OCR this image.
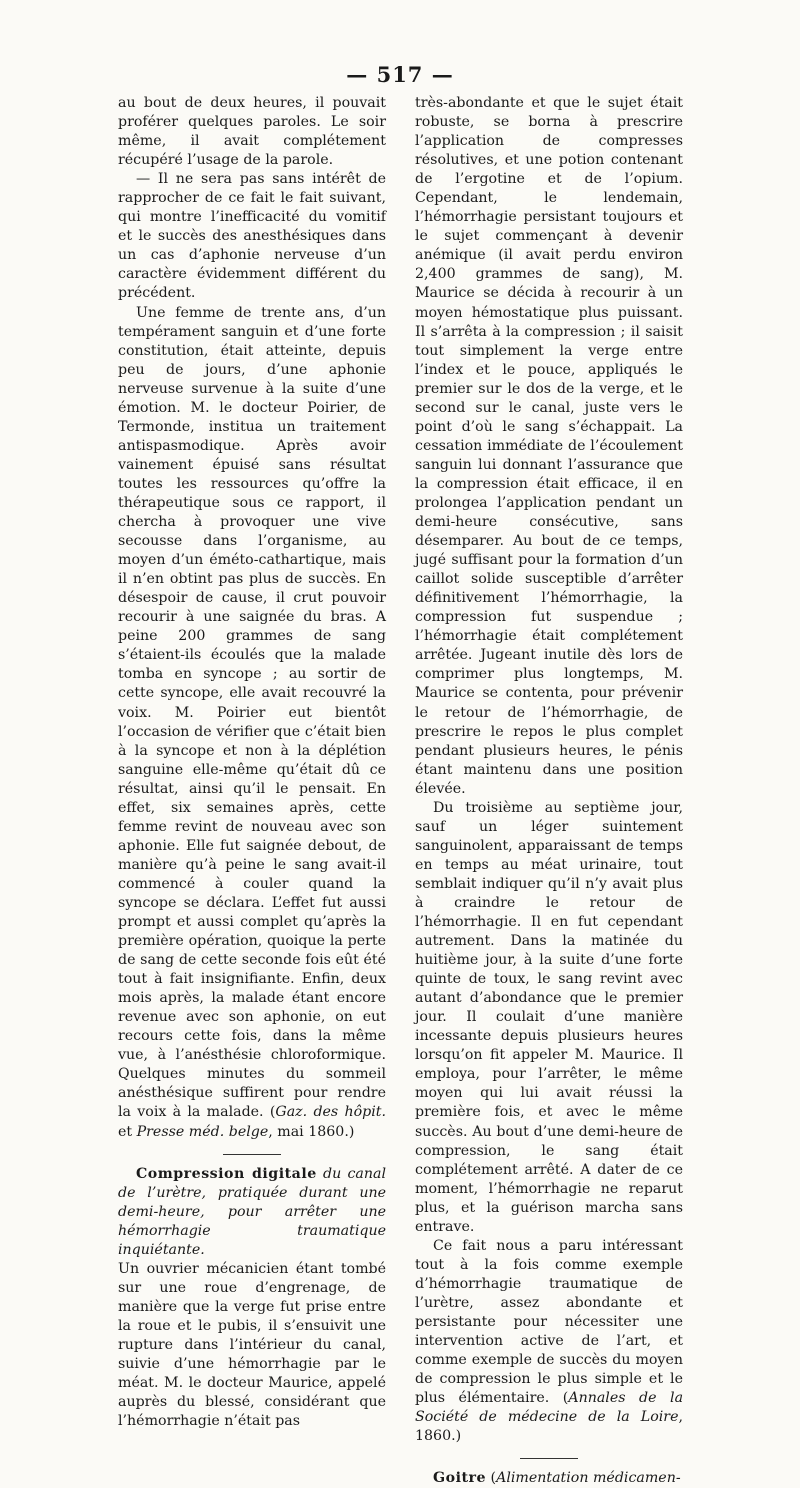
— 517 —

au bout de deux heures, il pouvait proférer quelques paroles. Le soir même, il avait complétement récupéré l’usage de la parole.

— Il ne sera pas sans intérêt de rapprocher de ce fait le fait suivant, qui montre l’inefficacité du vomitif et le succès des anesthésiques dans un cas d’aphonie nerveuse d’un caractère évidemment différent du précédent.

Une femme de trente ans, d’un tempérament sanguin et d’une forte constitution, était atteinte, depuis peu de jours, d’une aphonie nerveuse survenue à la suite d’une émotion. M. le docteur Poirier, de Termonde, institua un traitement antispasmodique. Après avoir vainement épuisé sans résultat toutes les ressources qu’offre la thérapeutique sous ce rapport, il chercha à provoquer une vive secousse dans l’organisme, au moyen d’un éméto-cathartique, mais il n’en obtint pas plus de succès. En désespoir de cause, il crut pouvoir recourir à une saignée du bras. A peine 200 grammes de sang s’étaient-ils écoulés que la malade tomba en syncope ; au sortir de cette syncope, elle avait recouvré la voix. M. Poirier eut bientôt l’occasion de vérifier que c’était bien à la syncope et non à la déplétion sanguine elle-même qu’était dû ce résultat, ainsi qu’il le pensait. En effet, six semaines après, cette femme revint de nouveau avec son aphonie. Elle fut saignée debout, de manière qu’à peine le sang avait-il commencé à couler quand la syncope se déclara. L’effet fut aussi prompt et aussi complet qu’après la première opération, quoique la perte de sang de cette seconde fois eût été tout à fait insignifiante. Enfin, deux mois après, la malade étant encore revenue avec son aphonie, on eut recours cette fois, dans la même vue, à l’anésthésie chloroformique. Quelques minutes du sommeil anésthésique suffirent pour rendre la voix à la malade. (Gaz. des hôpit. et Presse méd. belge, mai 1860.)

Compression digitale du canal de l’urètre, pratiquée durant une demi-heure, pour arrêter une hémorrhagie traumatique inquiétante.

Un ouvrier mécanicien étant tombé sur une roue d’engrenage, de manière que la verge fut prise entre la roue et le pubis, il s’ensuivit une rupture dans l’intérieur du canal, suivie d’une hémorrhagie par le méat. M. le docteur Maurice, appelé auprès du blessé, considérant que l’hémorrhagie n’était pas

très-abondante et que le sujet était robuste, se borna à prescrire l’application de compresses résolutives, et une potion contenant de l’ergotine et de l’opium. Cependant, le lendemain, l’hémorrhagie persistant toujours et le sujet commençant à devenir anémique (il avait perdu environ 2,400 grammes de sang), M. Maurice se décida à recourir à un moyen hémostatique plus puissant. Il s’arrêta à la compression ; il saisit tout simplement la verge entre l’index et le pouce, appliqués le premier sur le dos de la verge, et le second sur le canal, juste vers le point d’où le sang s’échappait. La cessation immédiate de l’écoulement sanguin lui donnant l’assurance que la compression était efficace, il en prolongea l’application pendant un demi-heure consécutive, sans désemparer. Au bout de ce temps, jugé suffisant pour la formation d’un caillot solide susceptible d’arrêter définitivement l’hémorrhagie, la compression fut suspendue ; l’hémorrhagie était complétement arrêtée. Jugeant inutile dès lors de comprimer plus longtemps, M. Maurice se contenta, pour prévenir le retour de l’hémorrhagie, de prescrire le repos le plus complet pendant plusieurs heures, le pénis étant maintenu dans une position élevée.

Du troisième au septième jour, sauf un léger suintement sanguinolent, apparaissant de temps en temps au méat urinaire, tout semblait indiquer qu’il n’y avait plus à craindre le retour de l’hémorrhagie. Il en fut cependant autrement. Dans la matinée du huitième jour, à la suite d’une forte quinte de toux, le sang revint avec autant d’abondance que le premier jour. Il coulait d’une manière incessante depuis plusieurs heures lorsqu’on fit appeler M. Maurice. Il employa, pour l’arrêter, le même moyen qui lui avait réussi la première fois, et avec le même succès. Au bout d’une demi-heure de compression, le sang était complétement arrêté. A dater de ce moment, l’hémorrhagie ne reparut plus, et la guérison marcha sans entrave.

Ce fait nous a paru intéressant tout à la fois comme exemple d’hémorrhagie traumatique de l’urètre, assez abondante et persistante pour nécessiter une intervention active de l’art, et comme exemple de succès du moyen de compression le plus simple et le plus élémentaire. (Annales de la Société de médecine de la Loire, 1860.)

Goitre (Alimentation médicamen-
